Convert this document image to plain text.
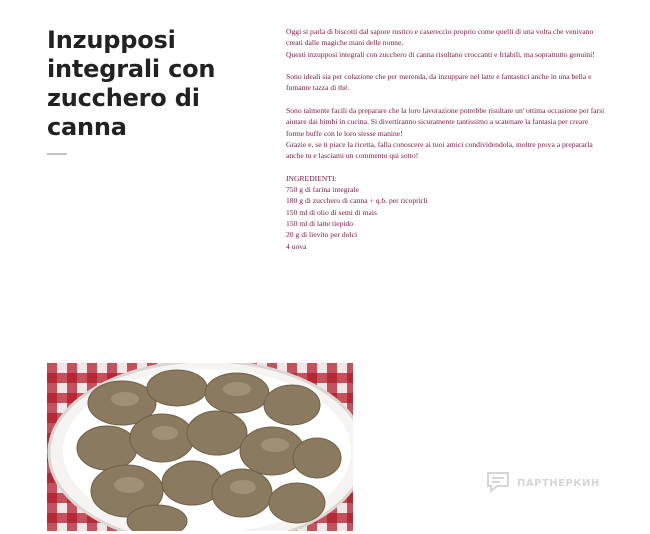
Inzupposi integrali con zucchero di canna

Oggi si parla di biscotti dal sapore rustico e casereccio proprio come quelli di una volta che venivano creati dalle magiche mani delle nonne.

Questi inzupposi integrali con zucchero di canna risultano croccanti e friabili, ma soprattutto genuini!

Sono ideali sia per colazione che per merenda, da inzuppare nel latte e fantastici anche in una bella e fumante tazza di thé.

Sono talmente facili da preparare che la loro lavorazione potrebbe risultare un' ottima occasione per farsi aiutare dai bimbi in cucina. Si divertiranno sicuramente tantissimo a scatenare la fantasia per creare forme buffe con le loro stesse manine!

Grazie e, se ti piace la ricetta, falla conoscere ai tuoi amici condividendola, inoltre prova a prepararla anche tu e lasciami un commento qui sotto!

INGREDIENTI:

750 g di farina integrale

180 g di zucchero di canna + q.b. per ricoprirli

150 ml di olio di semi di mais

150 ml di latte tiepido

20 g di lievito per dolci

4 uova

ПАРТНЕРКИН
